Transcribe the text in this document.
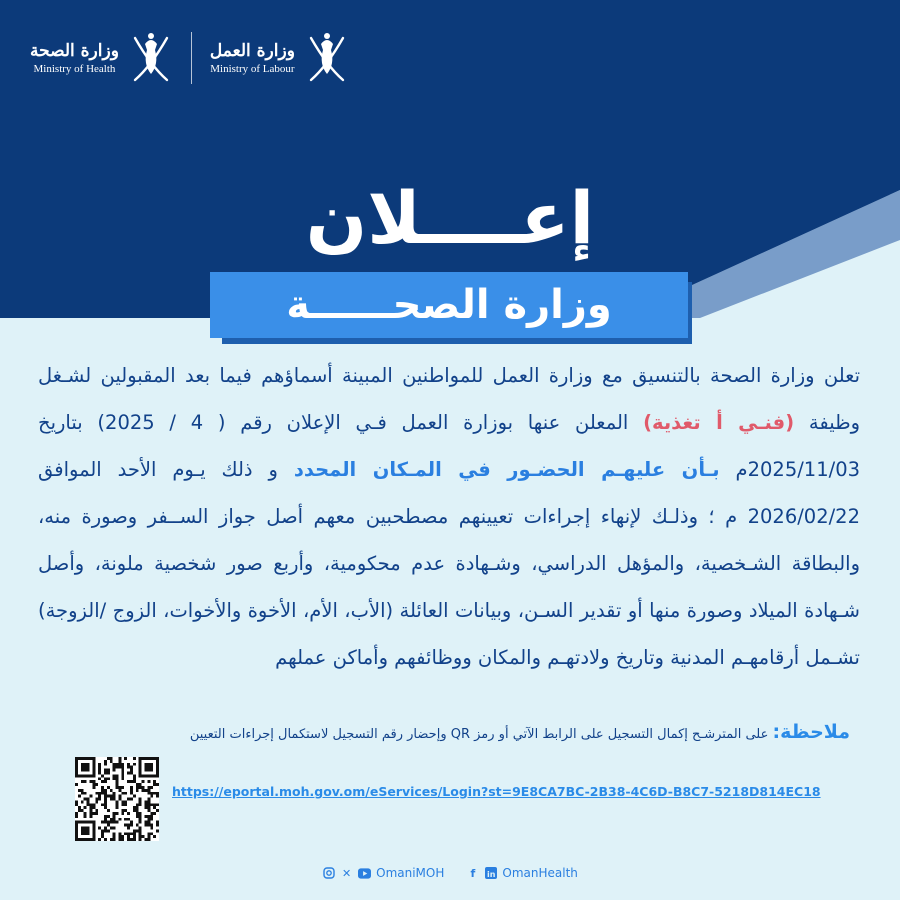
وزارة الصحة
Ministry of Health
وزارة العمل
Ministry of Labour
إعــــلان
وزارة الصحــــــة
تعلن وزارة الصحة بالتنسيق مع وزارة العمل للمواطنين المبينة أسماؤهم فيما بعد المقبولين لشـغل وظيفة (فنـي أ تغذية) المعلن عنها بوزارة العمل فـي الإعلان رقم ( 4 / 2025) بتاريخ 2025/11/03م بـأن عليهـم الحضـور في المـكان المحدد و ذلك يـوم الأحد الموافق 2026/02/22 م ؛ وذلـك لإنهاء إجراءات تعيينهم مصطحبين معهم أصل جواز الســفر وصورة منه، والبطاقة الشـخصية، والمؤهل الدراسي، وشـهادة عدم محكومية، وأربع صور شخصية ملونة، وأصل شـهادة الميلاد وصورة منها أو تقدير السـن، وبيانات العائلة (الأب، الأم، الأخوة والأخوات، الزوج /الزوجة) تشـمل أرقامهـم المدنية وتاريخ ولادتهـم والمكان ووظائفهم وأماكن عملهم
ملاحظة: على المترشـح إكمال التسجيل على الرابط الآتي أو رمز QR وإحضار رقم التسجيل لاستكمال إجراءات التعيين
https://eportal.moh.gov.om/eServices/Login?st=9E8CA7BC-2B38-4C6D-B8C7-5218D814EC18
✕ OmaniMOH	f	in OmanHealth
